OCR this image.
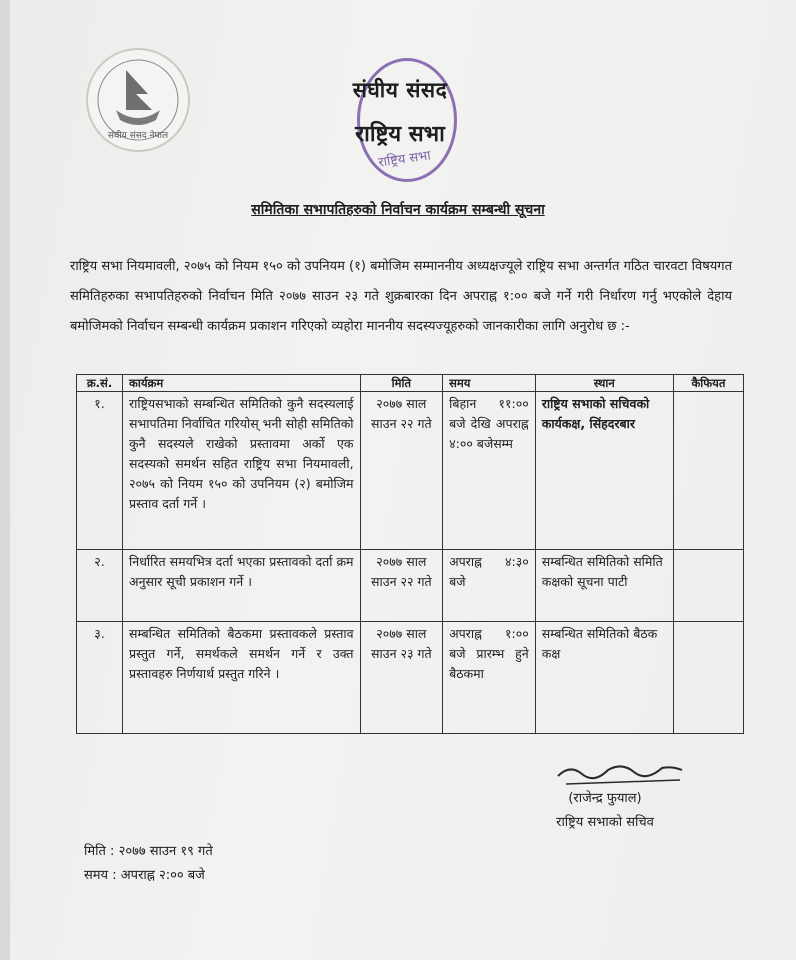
संघीय संसद नेपाल
राष्ट्रिय सभा
संघीय संसद
राष्ट्रिय सभा
समितिका सभापतिहरुको निर्वाचन कार्यक्रम सम्बन्धी सूचना
राष्ट्रिय सभा नियमावली, २०७५ को नियम १५० को उपनियम (१) बमोजिम सम्माननीय अध्यक्षज्यूले राष्ट्रिय सभा अन्तर्गत गठित चारवटा विषयगत समितिहरुका सभापतिहरुको निर्वाचन मिति २०७७ साउन २३ गते शुक्रबारका दिन अपराह्न १:०० बजे गर्ने गरी निर्धारण गर्नु भएकोले देहाय बमोजिमको निर्वाचन सम्बन्धी कार्यक्रम प्रकाशन गरिएको व्यहोरा माननीय सदस्यज्यूहरुको जानकारीका लागि अनुरोध छ :-
क्र.सं.	कार्यक्रम	मिति	समय	स्थान	कैफियत
१.	राष्ट्रियसभाको सम्बन्धित समितिको कुनै सदस्यलाई सभापतिमा निर्वाचित गरियोस् भनी सोही समितिको कुनै सदस्यले राखेको प्रस्तावमा अर्को एक सदस्यको समर्थन सहित राष्ट्रिय सभा नियमावली, २०७५ को नियम १५० को उपनियम (२) बमोजिम प्रस्ताव दर्ता गर्ने ।	२०७७ साल साउन २२ गते	बिहान ११:०० बजे देखि अपराह्न ४:०० बजेसम्म	राष्ट्रिय सभाको सचिवको कार्यकक्ष, सिंहदरबार	
२.	निर्धारित समयभित्र दर्ता भएका प्रस्तावको दर्ता क्रम अनुसार सूची प्रकाशन गर्ने ।	२०७७ साल साउन २२ गते	अपराह्न ४:३० बजे	सम्बन्धित समितिको समिति कक्षको सूचना पाटी	
३.	सम्बन्धित समितिको बैठकमा प्रस्तावकले प्रस्ताव प्रस्तुत गर्ने, समर्थकले समर्थन गर्ने र उक्त प्रस्तावहरु निर्णयार्थ प्रस्तुत गरिने ।	२०७७ साल साउन २३ गते	अपराह्न १:०० बजे प्रारम्भ हुने बैठकमा	सम्बन्धित समितिको बैठक कक्ष	
(राजेन्द्र फुयाल)
राष्ट्रिय सभाको सचिव
मिति : २०७७ साउन १९ गते
समय : अपराह्न २:०० बजे
